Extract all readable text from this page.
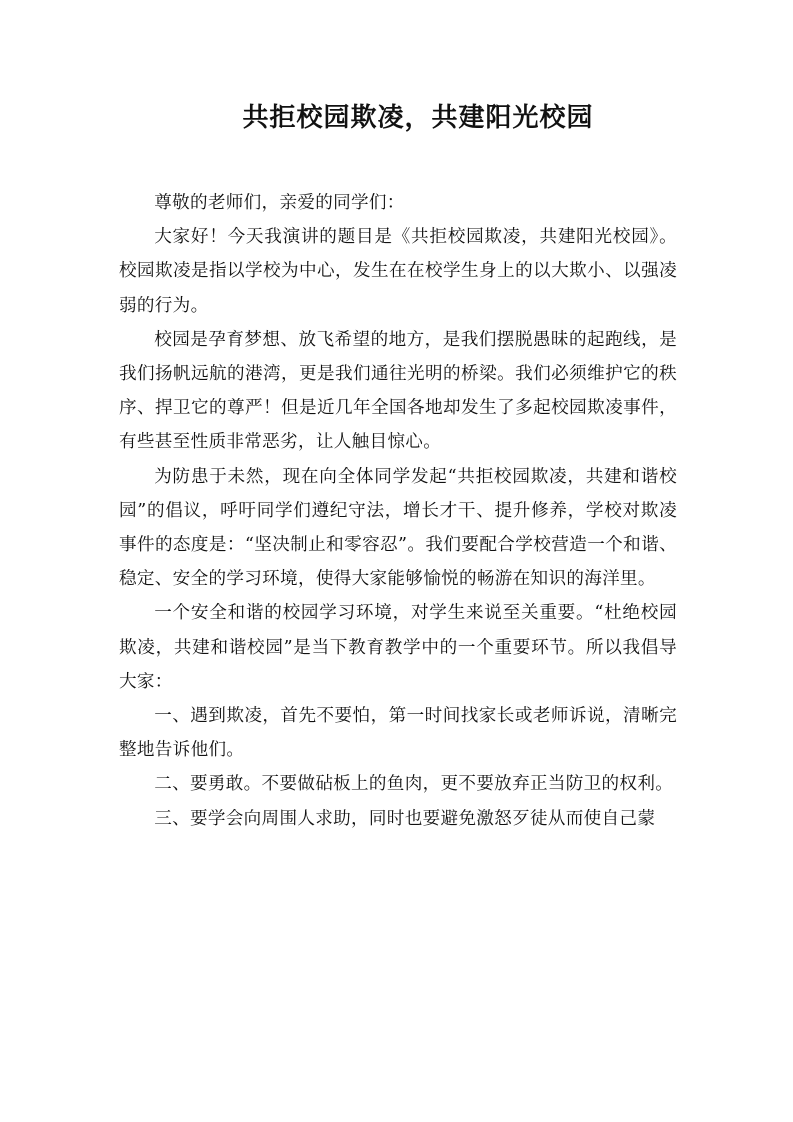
共拒校园欺凌，共建阳光校园

尊敬的老师们，亲爱的同学们：

大家好！今天我演讲的题目是《共拒校园欺凌，共建阳光校园》。校园欺凌是指以学校为中心，发生在在校学生身上的以大欺小、以强凌弱的行为。

校园是孕育梦想、放飞希望的地方，是我们摆脱愚昧的起跑线，是我们扬帆远航的港湾，更是我们通往光明的桥梁。我们必须维护它的秩序、捍卫它的尊严！但是近几年全国各地却发生了多起校园欺凌事件，有些甚至性质非常恶劣，让人触目惊心。

为防患于未然，现在向全体同学发起“共拒校园欺凌，共建和谐校园”的倡议，呼吁同学们遵纪守法，增长才干、提升修养，学校对欺凌事件的态度是：“坚决制止和零容忍”。我们要配合学校营造一个和谐、稳定、安全的学习环境，使得大家能够愉悦的畅游在知识的海洋里。

一个安全和谐的校园学习环境，对学生来说至关重要。“杜绝校园欺凌，共建和谐校园”是当下教育教学中的一个重要环节。所以我倡导大家：

一、遇到欺凌，首先不要怕，第一时间找家长或老师诉说，清晰完整地告诉他们。

二、要勇敢。不要做砧板上的鱼肉，更不要放弃正当防卫的权利。

三、要学会向周围人求助，同时也要避免激怒歹徒从而使自己蒙
